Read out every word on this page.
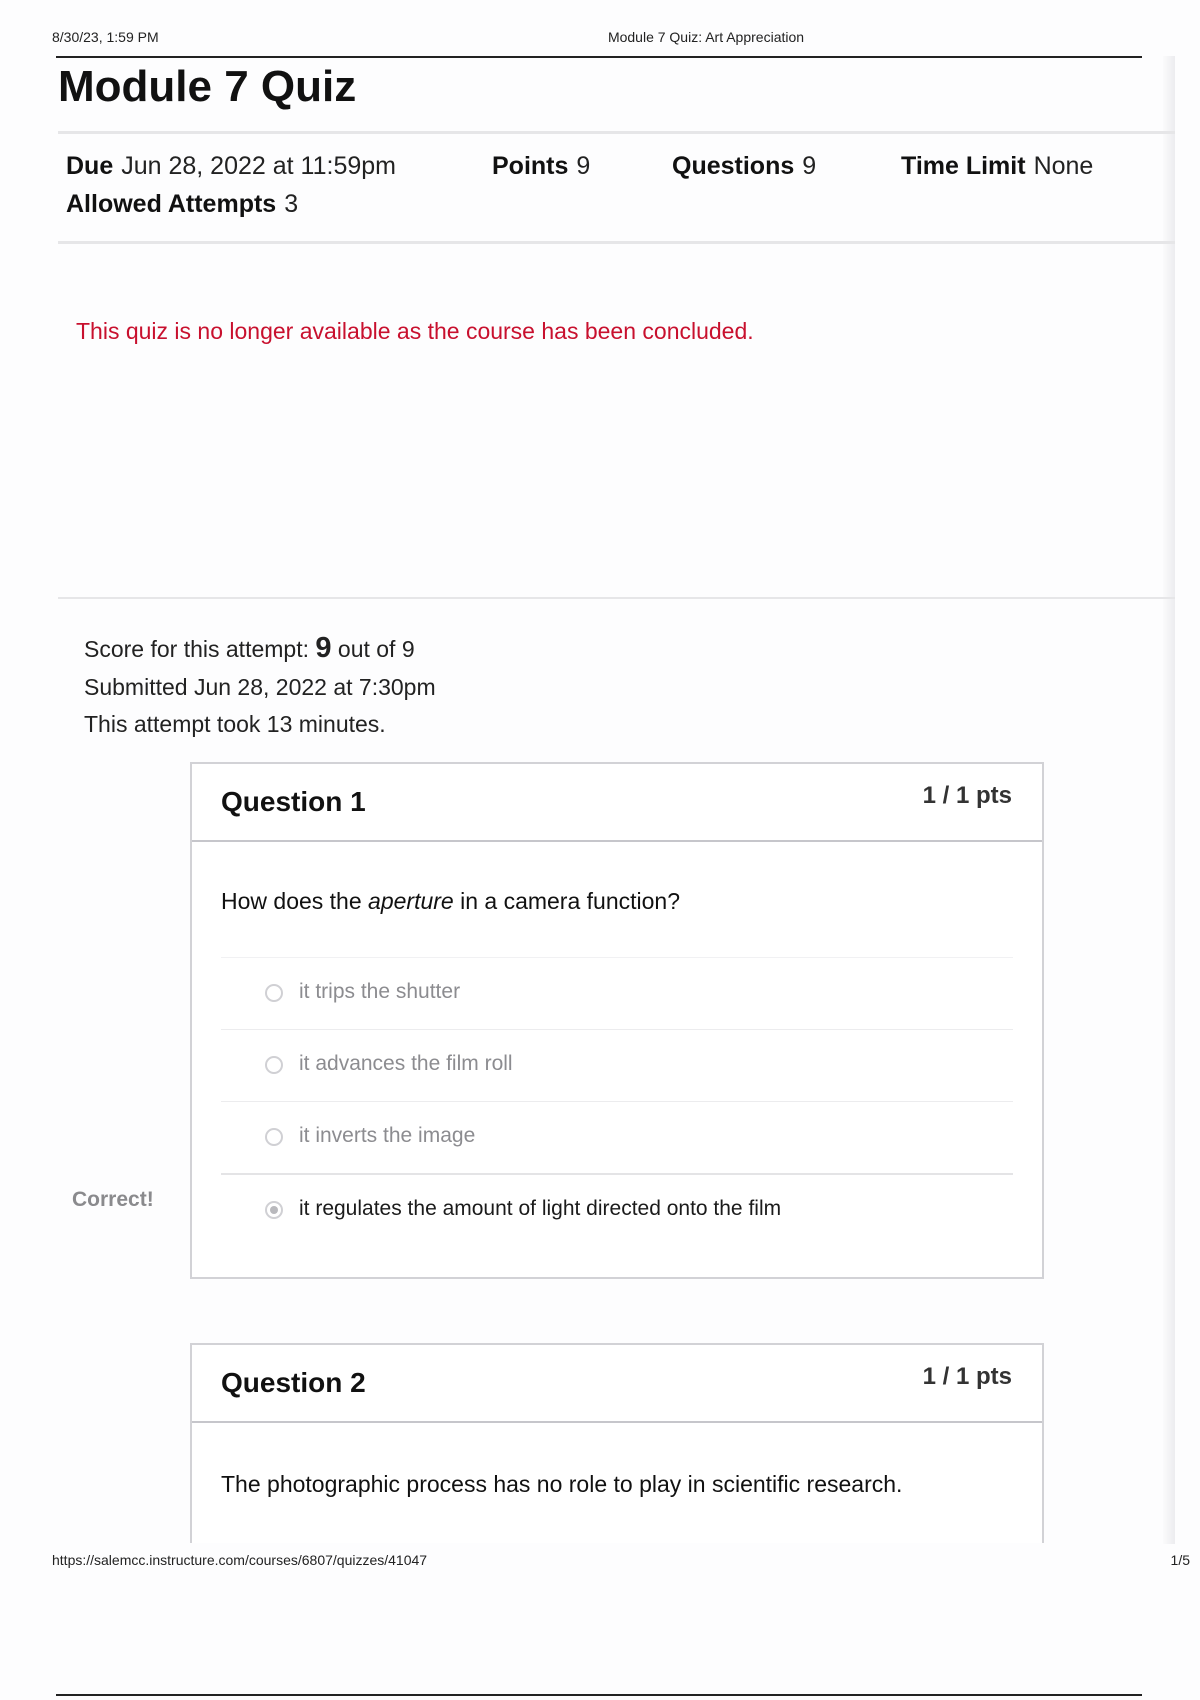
8/30/23, 1:59 PM	Module 7 Quiz: Art Appreciation
Module 7 Quiz
Due Jun 28, 2022 at 11:59pm	Points 9	Questions 9	Time Limit None
Allowed Attempts 3
This quiz is no longer available as the course has been concluded.
Score for this attempt: 9 out of 9
Submitted Jun 28, 2022 at 7:30pm
This attempt took 13 minutes.
Question 1	1 / 1 pts
How does the aperture in a camera function?
it trips the shutter
it advances the film roll
it inverts the image
it regulates the amount of light directed onto the film
Correct!
Question 2	1 / 1 pts
The photographic process has no role to play in scientific research.
https://salemcc.instructure.com/courses/6807/quizzes/41047	1/5
